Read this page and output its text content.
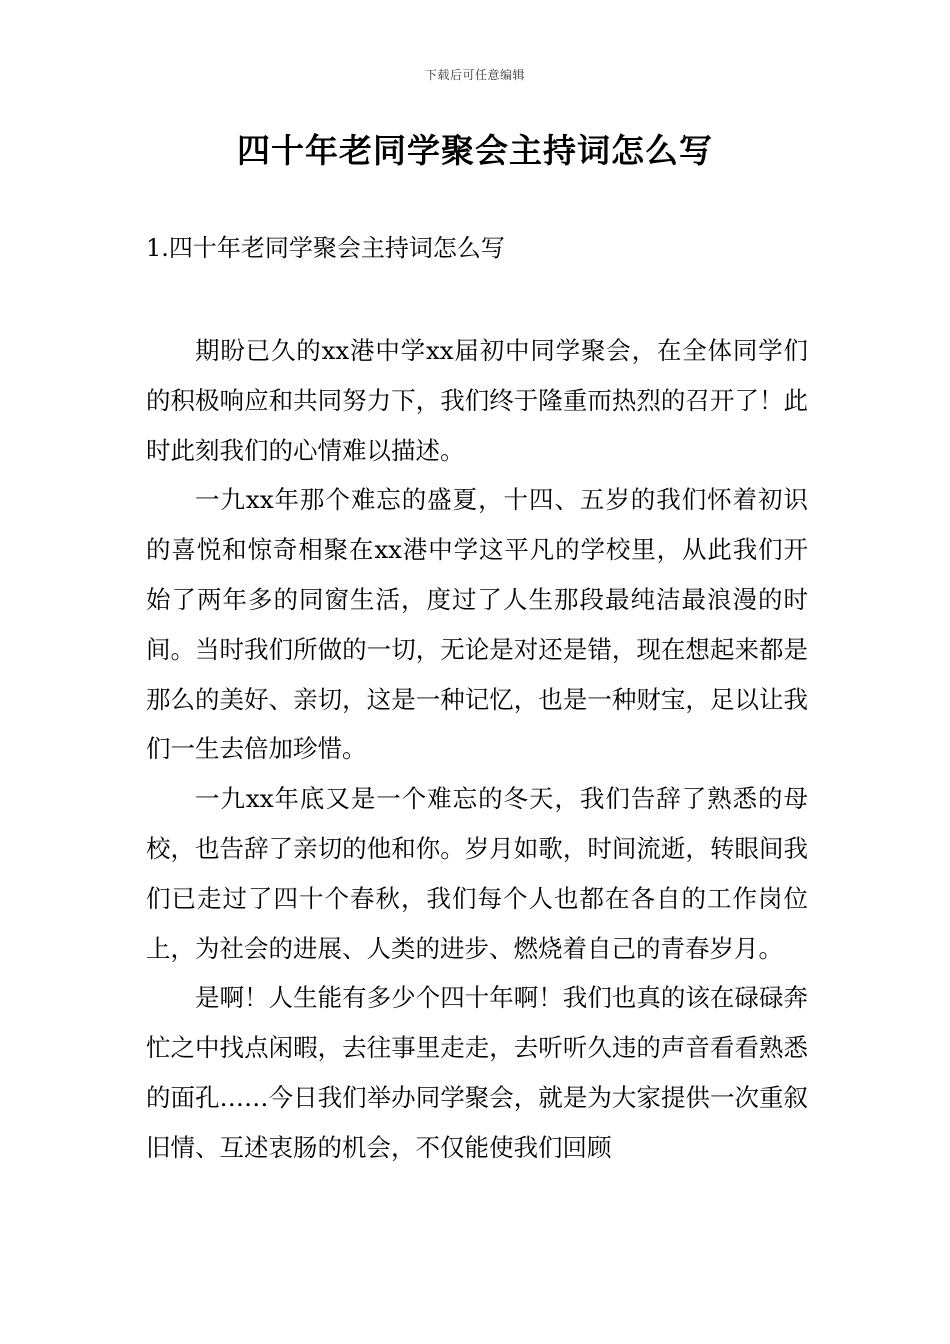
下载后可任意编辑
四十年老同学聚会主持词怎么写
1.四十年老同学聚会主持词怎么写

期盼已久的xx港中学xx届初中同学聚会，在全体同学们的积极响应和共同努力下，我们终于隆重而热烈的召开了！此时此刻我们的心情难以描述。

一九xx年那个难忘的盛夏，十四、五岁的我们怀着初识的喜悦和惊奇相聚在xx港中学这平凡的学校里，从此我们开始了两年多的同窗生活，度过了人生那段最纯洁最浪漫的时间。当时我们所做的一切，无论是对还是错，现在想起来都是那么的美好、亲切，这是一种记忆，也是一种财宝，足以让我们一生去倍加珍惜。

一九xx年底又是一个难忘的冬天，我们告辞了熟悉的母校，也告辞了亲切的他和你。岁月如歌，时间流逝，转眼间我们已走过了四十个春秋，我们每个人也都在各自的工作岗位上，为社会的进展、人类的进步、燃烧着自己的青春岁月。

是啊！人生能有多少个四十年啊！我们也真的该在碌碌奔忙之中找点闲暇，去往事里走走，去听听久违的声音看看熟悉的面孔……今日我们举办同学聚会，就是为大家提供一次重叙旧情、互述衷肠的机会，不仅能使我们回顾
